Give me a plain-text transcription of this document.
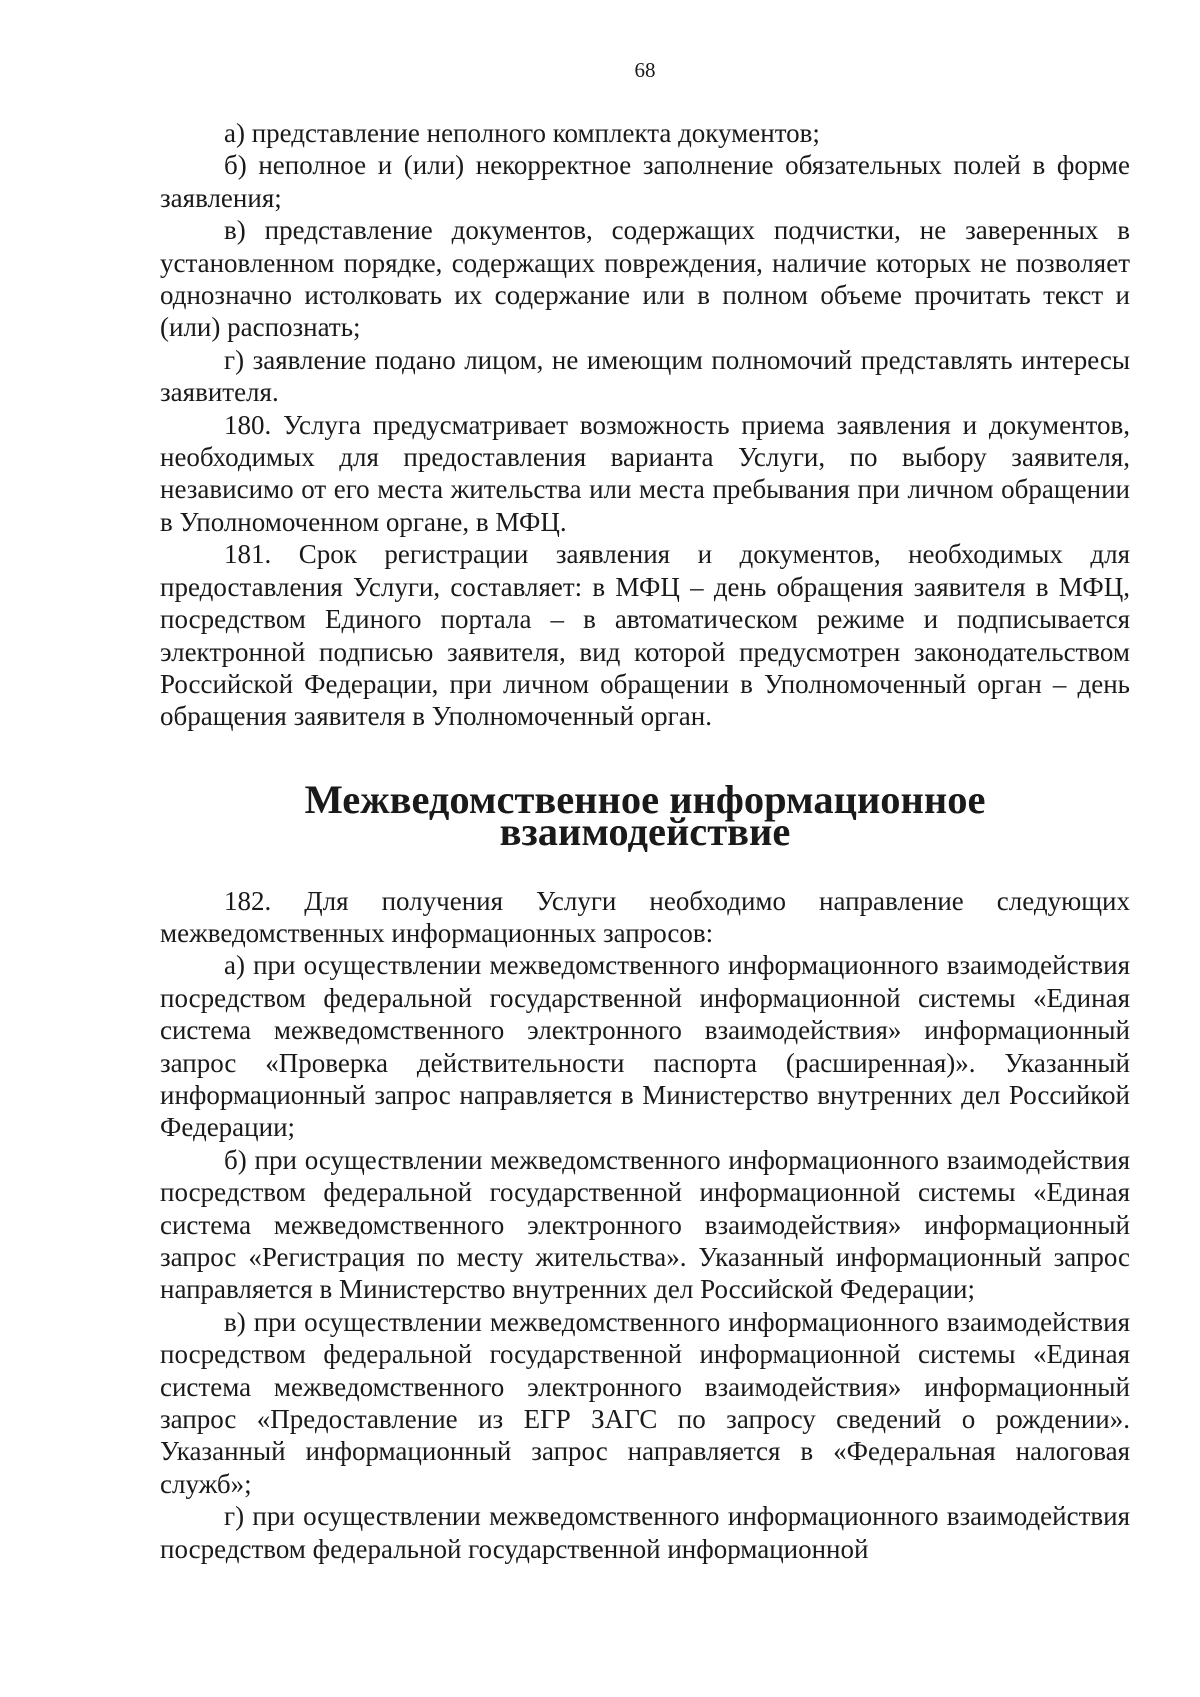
68

а) представление неполного комплекта документов;

б) неполное и (или) некорректное заполнение обязательных полей в форме заявления;

в) представление документов, содержащих подчистки, не заверенных в установленном порядке, содержащих повреждения, наличие которых не позволяет однозначно истолковать их содержание или в полном объеме прочитать текст и (или) распознать;

г) заявление подано лицом, не имеющим полномочий представлять интересы заявителя.

180. Услуга предусматривает возможность приема заявления и документов, необходимых для предоставления варианта Услуги, по выбору заявителя, независимо от его места жительства или места пребывания при личном обращении в Уполномоченном органе, в МФЦ.

181. Срок регистрации заявления и документов, необходимых для предоставления Услуги, составляет: в МФЦ – день обращения заявителя в МФЦ, посредством Единого портала – в автоматическом режиме и подписывается электронной подписью заявителя, вид которой предусмотрен законодательством Российской Федерации, при личном обращении в Уполномоченный орган – день обращения заявителя в Уполномоченный орган.

Межведомственное информационное взаимодействие

182. Для получения Услуги необходимо направление следующих межведомственных информационных запросов:

а) при осуществлении межведомственного информационного взаимодействия посредством федеральной государственной информационной системы «Единая система межведомственного электронного взаимодействия» информационный запрос «Проверка действительности паспорта (расширенная)». Указанный информационный запрос направляется в Министерство внутренних дел Российкой Федерации;

б) при осуществлении межведомственного информационного взаимодействия посредством федеральной государственной информационной системы «Единая система межведомственного электронного взаимодействия» информационный запрос «Регистрация по месту жительства». Указанный информационный запрос направляется в Министерство внутренних дел Российской Федерации;

в) при осуществлении межведомственного информационного взаимодействия посредством федеральной государственной информационной системы «Единая система межведомственного электронного взаимодействия» информационный запрос «Предоставление из ЕГР ЗАГС по запросу сведений о рождении». Указанный информационный запрос направляется в «Федеральная налоговая служб»;

г) при осуществлении межведомственного информационного взаимодействия посредством федеральной государственной информационной
